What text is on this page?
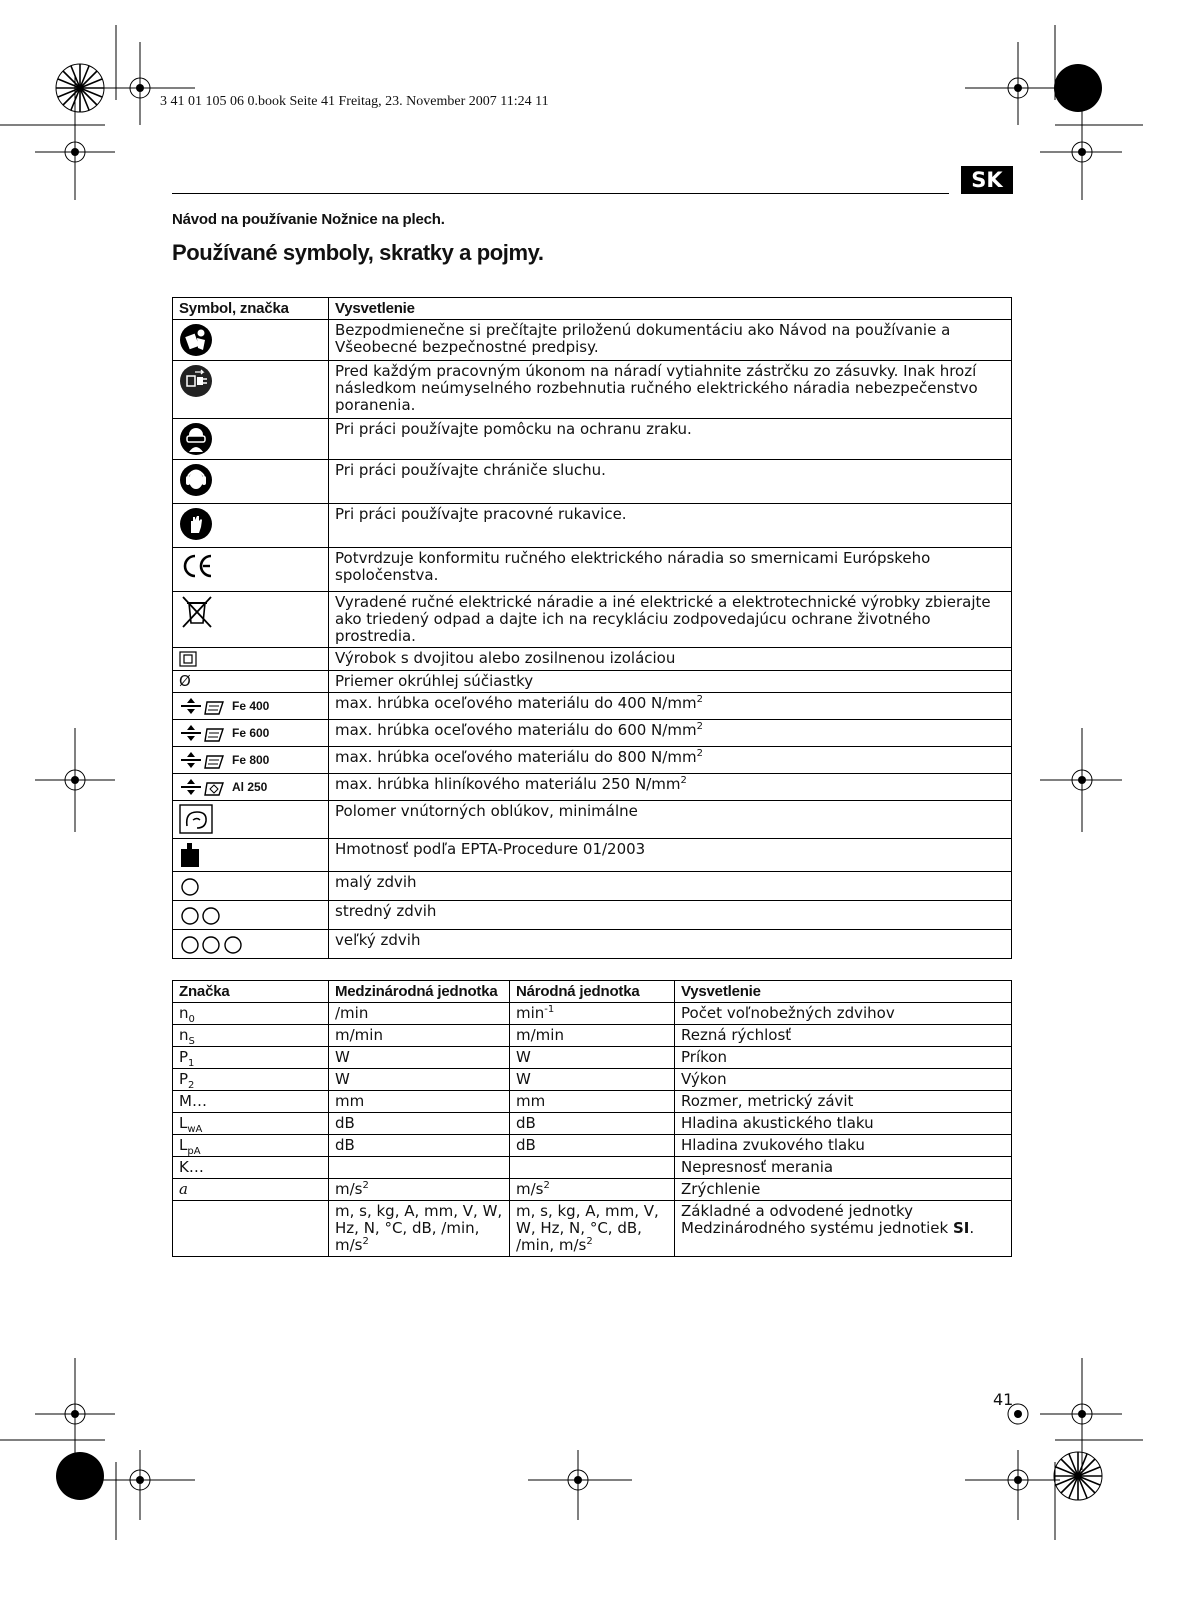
3 41 01 105 06 0.book Seite 41 Freitag, 23. November 2007 11:24 11
SK
Návod na používanie Nožnice na plech.
Používané symboly, skratky a pojmy.
Symbol, značka	Vysvetlenie

	Bezpodmienečne si prečítajte priloženú dokumentáciu ako Návod na používanie a Všeobecné bezpečnostné predpisy.

	Pred každým pracovným úkonom na náradí vytiahnite zástrčku zo zásuvky. Inak hrozí následkom neúmyselného rozbehnutia ručného elektrického náradia nebezpečenstvo poranenia.

	Pri práci používajte pomôcku na ochranu zraku.

	Pri práci používajte chrániče sluchu.

	Pri práci používajte pracovné rukavice.

	Potvrdzuje konformitu ručného elektrického náradia so smernicami Európskeho spoločenstva.

	Vyradené ručné elektrické náradie a iné elektrické a elektrotechnické výrobky zbierajte ako triedený odpad a dajte ich na recykláciu zodpovedajúcu ochrane životného prostredia.

	Výrobok s dvojitou alebo zosilnenou izoláciou
Ø	Priemer okrúhlej súčiastky

Fe 400	max. hrúbka oceľového materiálu do 400 $N/mm^2$

Fe 600	max. hrúbka oceľového materiálu do 600 $N/mm^2$

Fe 800	max. hrúbka oceľového materiálu do 800 $N/mm^2$

Al 250	max. hrúbka hliníkového materiálu 250 $N/mm^2$

	Polomer vnútorných oblúkov, minimálne

	Hmotnosť podľa EPTA-Procedure 01/2003

	malý zdvih

	stredný zdvih

	veľký zdvih
Značka	Medzinárodná jednotka	Národná jednotka	Vysvetlenie
$n_0$	/min	$\min^{-1}$	Počet voľnobežných zdvihov
$n_S$	m/min	m/min	Rezná rýchlosť
$P_1$	W	W	Príkon
$P_2$	W	W	Výkon
M…	mm	mm	Rozmer, metrický závit
$L_{wA}$	dB	dB	Hladina akustického tlaku
$L_{pA}$	dB	dB	Hladina zvukového tlaku
K…			Nepresnosť merania
a	$m/s^2$	$m/s^2$	Zrýchlenie
	m, s, kg, A, mm, V, W, Hz, N, °C, dB, /min, $m/s^2$	m, s, kg, A, mm, V, W, Hz, N, °C, dB, /min, $m/s^2$	Základné a odvodené jednotky Medzinárodného systému jednotiek SI.
41
